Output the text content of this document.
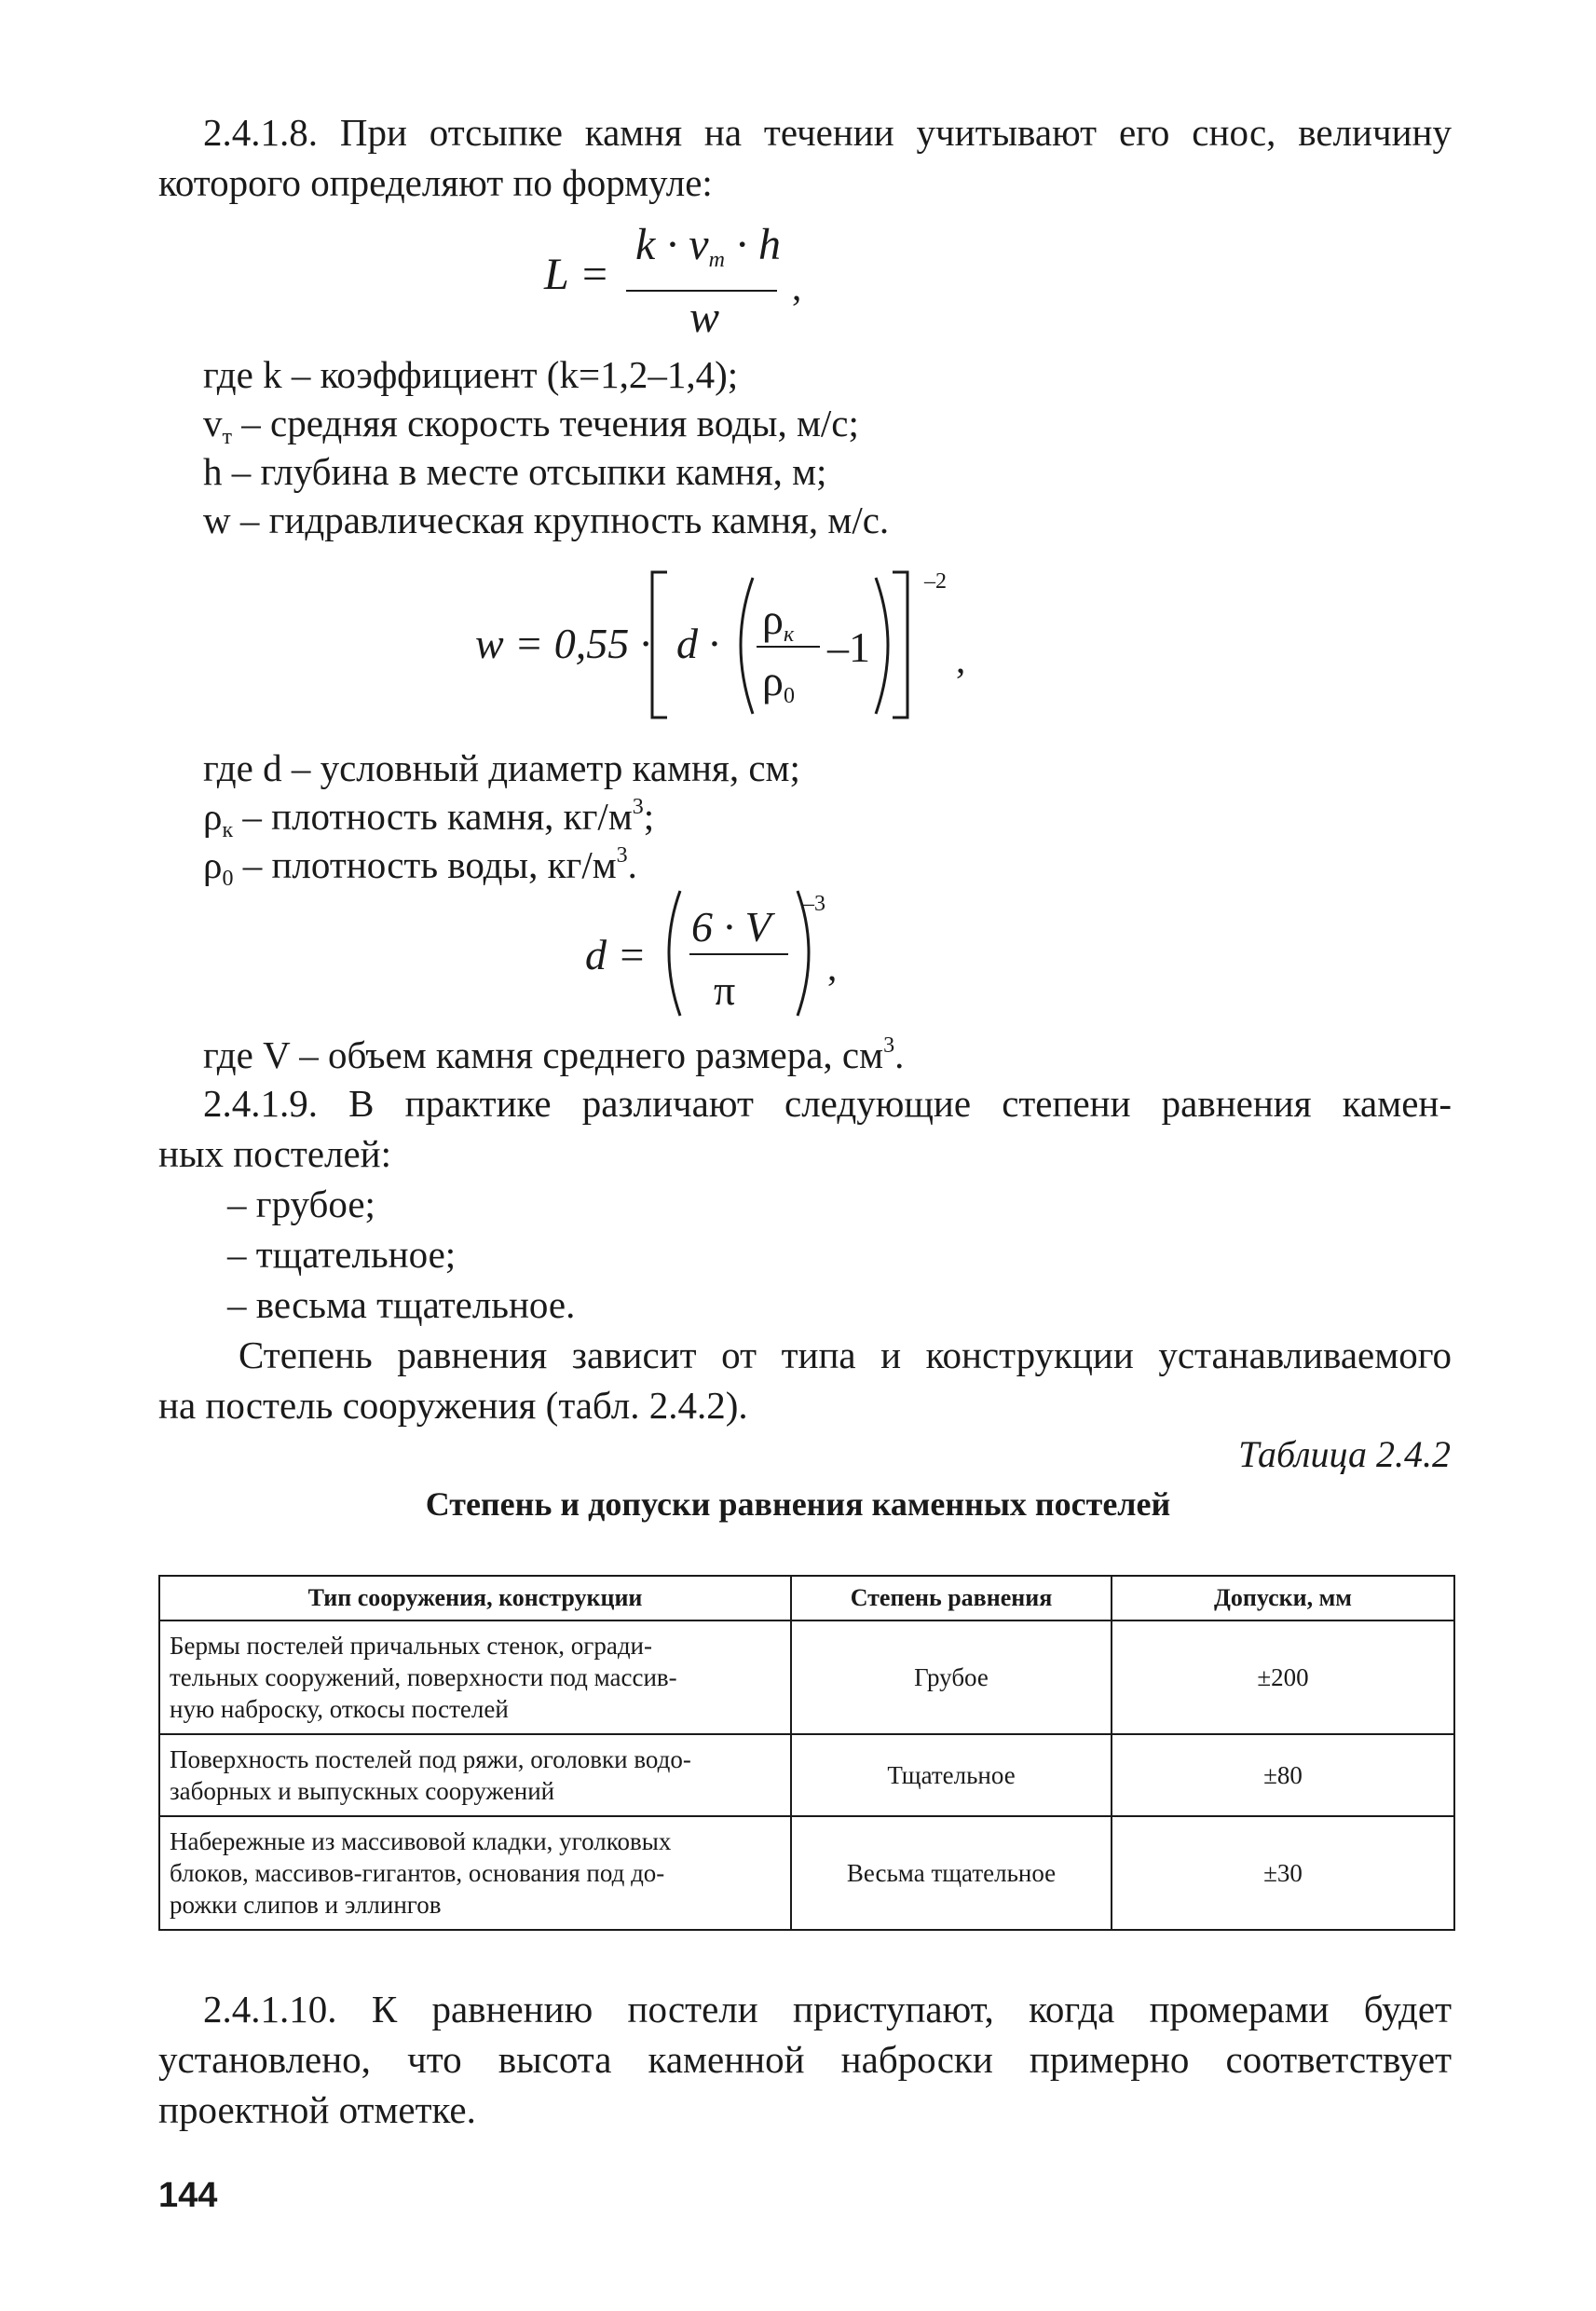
2.4.1.8. При отсыпке камня на течении учитывают его снос, величину
которого определяют по формуле:
L =
$k \cdot v_m \cdot h$
w
,
где k – коэффициент (k=1,2–1,4);
$v_т$ – средняя скорость течения воды, м/с;
h – глубина в месте отсыпки камня, м;
w – гидравлическая крупность камня, м/с.
w = 0,55 · d ·
$\rho_к$
$\rho_0$
–1
–2
,
где d – условный диаметр камня, см;
$\rho_к$ – плотность камня, $кг/м^3$;
$\rho_0$ – плотность воды, $кг/м^3$.
d =
6 · V
π
–3
,
где V – объем камня среднего размера, $см^3$.
2.4.1.9. В практике различают следующие степени равнения камен-
ных постелей:
– грубое;
– тщательное;
– весьма тщательное.
Степень равнения зависит от типа и конструкции устанавливаемого
на постель сооружения (табл. 2.4.2).
Таблица 2.4.2
Степень и допуски равнения каменных постелей
Тип сооружения, конструкции	Степень равнения	Допуски, мм

Бермы постелей причальных стенок, огради-
тельных сооружений, поверхности под массив-
ную наброску, откосы постелей	Грубое	±200

Поверхность постелей под ряжи, оголовки водо-
заборных и выпускных сооружений	Тщательное	±80

Набережные из массивовой кладки, уголковых
блоков, массивов-гигантов, основания под до-
рожки слипов и эллингов	Весьма тщательное	±30
2.4.1.10. К равнению постели приступают, когда промерами будет
установлено, что высота каменной наброски примерно соответствует
проектной отметке.
144
